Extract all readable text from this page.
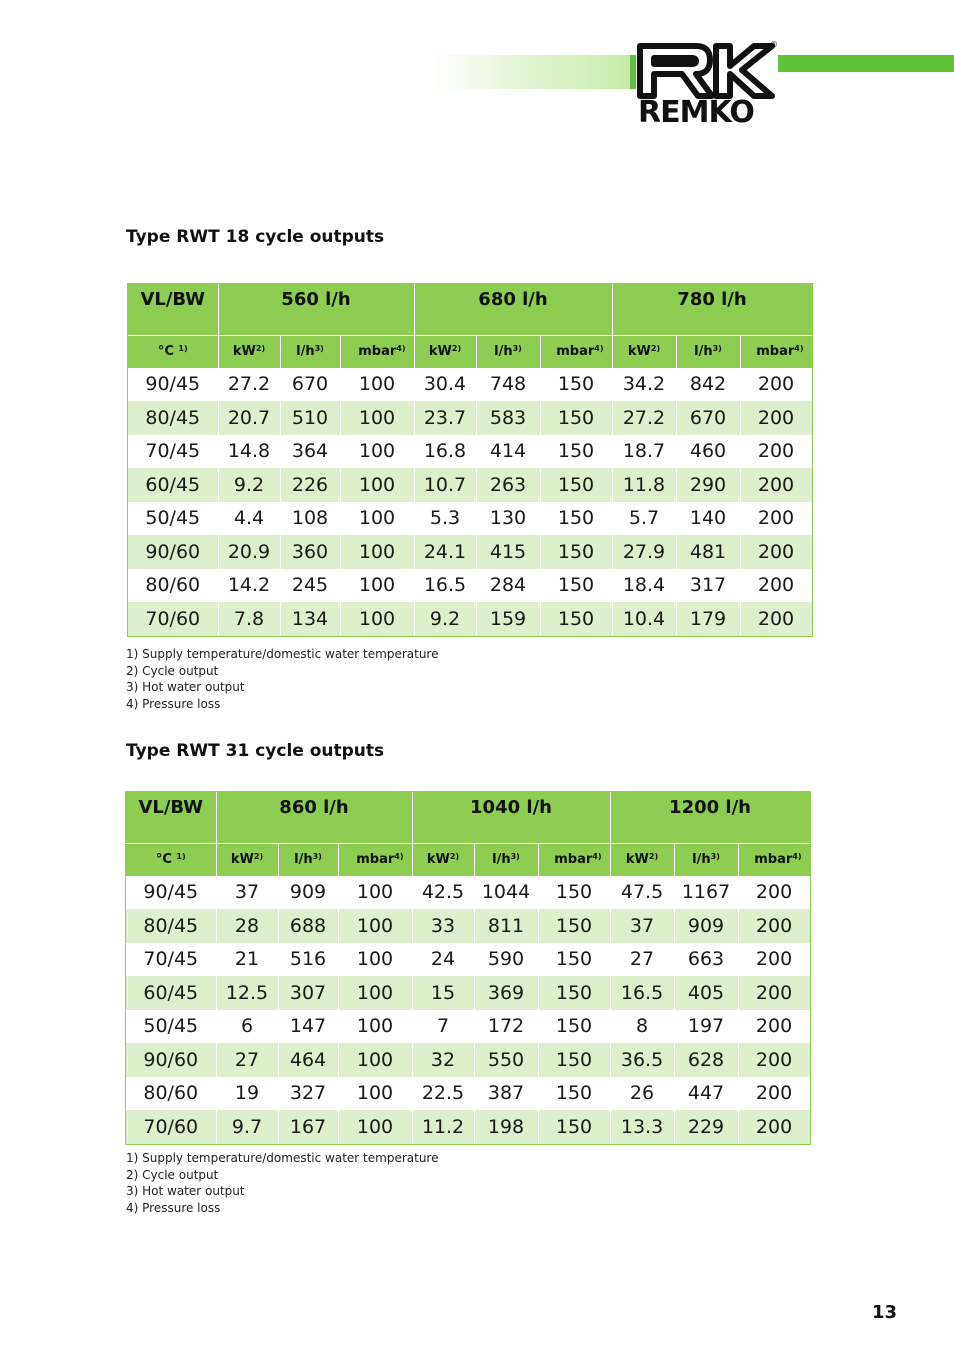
®
REMKO
Type RWT 18 cycle outputs
VL/BW	560 l/h			680 l/h			780 l/h		
°C $^{1)}$	$kW^{2)}$	$l/h^{3)}$	mbar$^{4)}$	$kW^{2)}$	$l/h^{3)}$	mbar$^{4)}$	$kW^{2)}$	$l/h^{3)}$	mbar$^{4)}$
90/45	27.2	670	100	30.4	748	150	34.2	842	200
80/45	20.7	510	100	23.7	583	150	27.2	670	200
70/45	14.8	364	100	16.8	414	150	18.7	460	200
60/45	9.2	226	100	10.7	263	150	11.8	290	200
50/45	4.4	108	100	5.3	130	150	5.7	140	200
90/60	20.9	360	100	24.1	415	150	27.9	481	200
80/60	14.2	245	100	16.5	284	150	18.4	317	200
70/60	7.8	134	100	9.2	159	150	10.4	179	200
1) Supply temperature/domestic water temperature
2) Cycle output
3) Hot water output
4) Pressure loss
Type RWT 31 cycle outputs
VL/BW	860 l/h			1040 l/h			1200 l/h		
°C $^{1)}$	$kW^{2)}$	$l/h^{3)}$	mbar$^{4)}$	$kW^{2)}$	$l/h^{3)}$	mbar$^{4)}$	$kW^{2)}$	$l/h^{3)}$	mbar$^{4)}$
90/45	37	909	100	42.5	1044	150	47.5	1167	200
80/45	28	688	100	33	811	150	37	909	200
70/45	21	516	100	24	590	150	27	663	200
60/45	12.5	307	100	15	369	150	16.5	405	200
50/45	6	147	100	7	172	150	8	197	200
90/60	27	464	100	32	550	150	36.5	628	200
80/60	19	327	100	22.5	387	150	26	447	200
70/60	9.7	167	100	11.2	198	150	13.3	229	200
1) Supply temperature/domestic water temperature
2) Cycle output
3) Hot water output
4) Pressure loss
13
